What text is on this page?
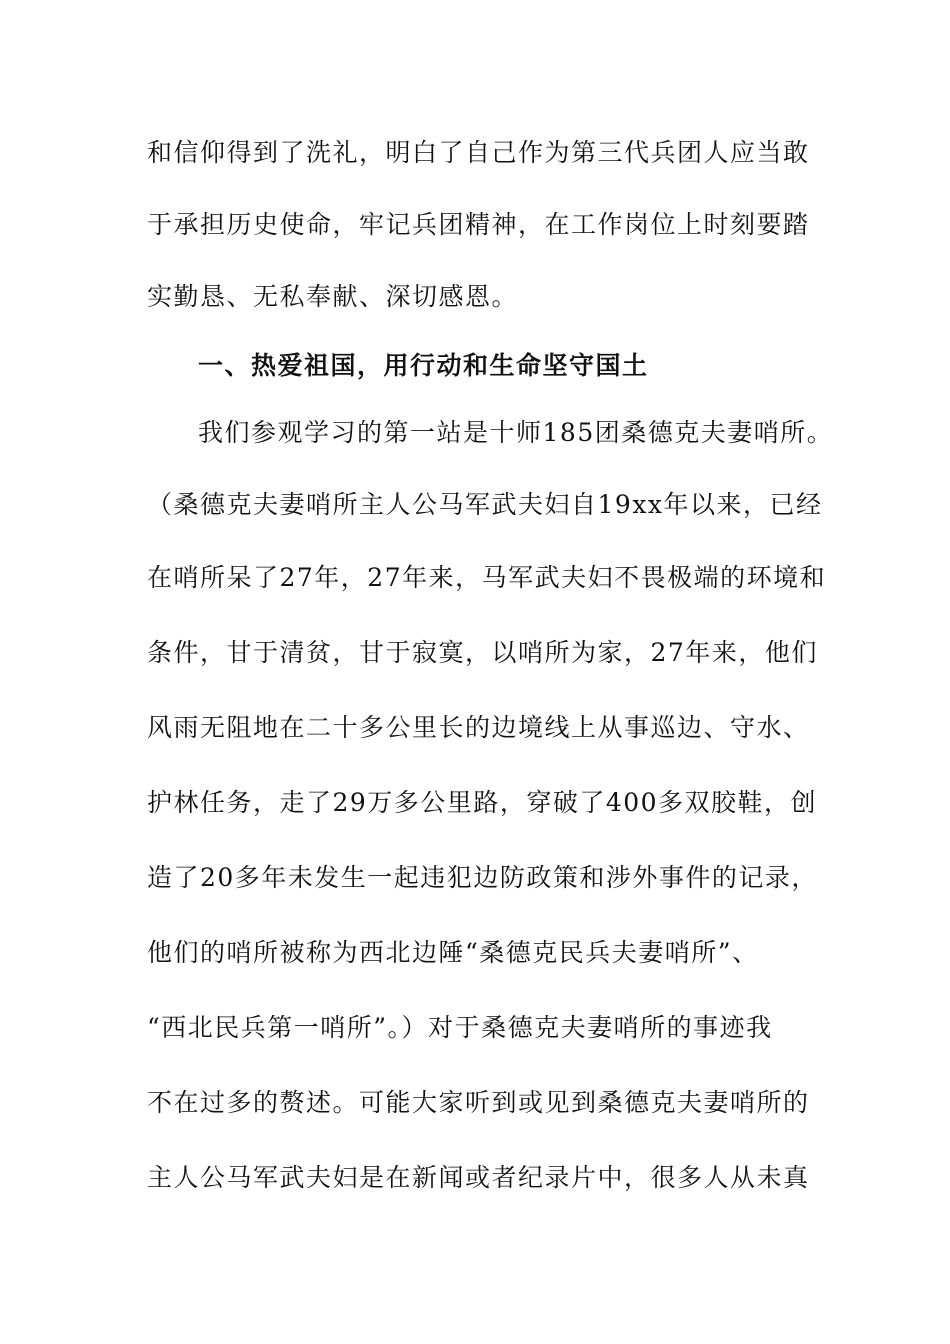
和信仰得到了洗礼，明白了自己作为第三代兵团人应当敢
于承担历史使命，牢记兵团精神，在工作岗位上时刻要踏
实勤恳、无私奉献、深切感恩。
一、热爱祖国，用行动和生命坚守国土
我们参观学习的第一站是十师185团桑德克夫妻哨所。
（桑德克夫妻哨所主人公马军武夫妇自19xx年以来，已经
在哨所呆了27年，27年来，马军武夫妇不畏极端的环境和
条件，甘于清贫，甘于寂寞，以哨所为家，27年来，他们
风雨无阻地在二十多公里长的边境线上从事巡边、守水、
护林任务，走了29万多公里路，穿破了400多双胶鞋，创
造了20多年未发生一起违犯边防政策和涉外事件的记录，
他们的哨所被称为西北边陲“桑德克民兵夫妻哨所”、
“西北民兵第一哨所”。）对于桑德克夫妻哨所的事迹我
不在过多的赘述。可能大家听到或见到桑德克夫妻哨所的
主人公马军武夫妇是在新闻或者纪录片中，很多人从未真
